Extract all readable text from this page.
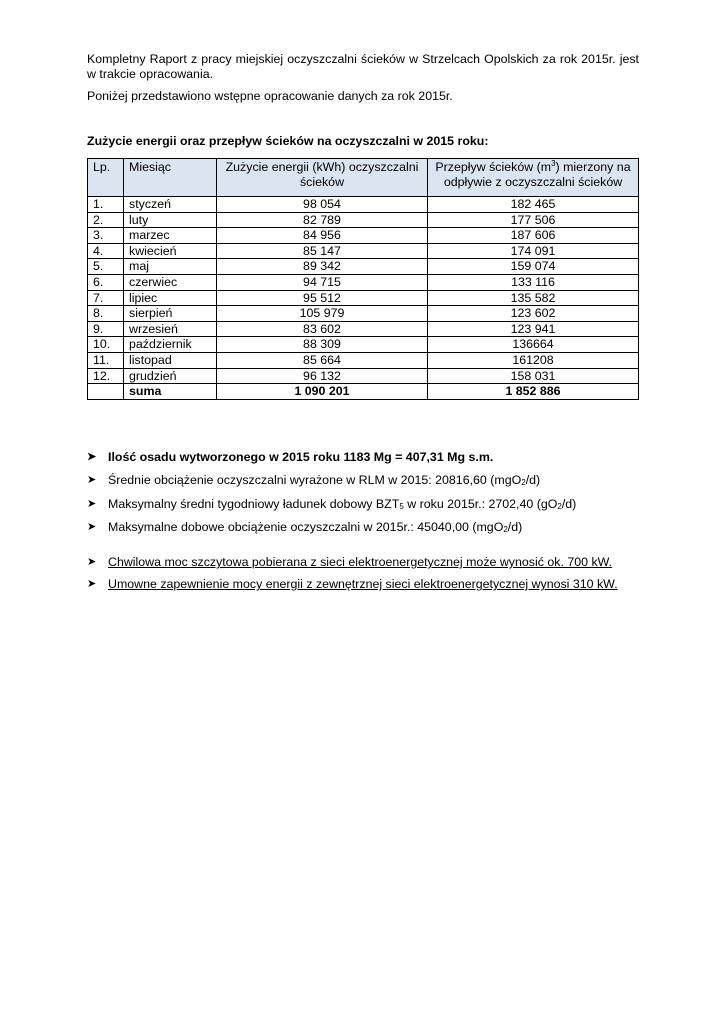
Kompletny Raport z pracy miejskiej oczyszczalni ścieków w Strzelcach Opolskich za rok 2015r. jest w trakcie opracowania.

Poniżej przedstawiono wstępne opracowanie danych za rok 2015r.

Zużycie energii oraz przepływ ścieków na oczyszczalni w 2015 roku:

Lp.	Miesiąc	Zużycie energii (kWh) oczyszczalni ścieków	Przepływ ścieków $(m^3)$ mierzony na odpływie z oczyszczalni ścieków
1.	styczeń	98 054	182 465
2.	luty	82 789	177 506
3.	marzec	84 956	187 606
4.	kwiecień	85 147	174 091
5.	maj	89 342	159 074
6.	czerwiec	94 715	133 116
7.	lipiec	95 512	135 582
8.	sierpień	105 979	123 602
9.	wrzesień	83 602	123 941
10.	październik	88 309	136664
11.	listopad	85 664	161208
12.	grudzień	96 132	158 031
	suma	1 090 201	1 852 886
➤ Ilość osadu wytworzonego w 2015 roku 1183 Mg = 407,31 Mg s.m.
➤ Średnie obciążenie oczyszczalni wyrażone w RLM w 2015: 20816,60 (mgO$_2$/d)
➤ Maksymalny średni tygodniowy ładunek dobowy $BZT_5$ w roku 2015r.: 2702,40 $(gO_2/d)$
➤ Maksymalne dobowe obciążenie oczyszczalni w 2015r.: 45040,00 (mgO$_2$/d)
➤ Chwilowa moc szczytowa pobierana z sieci elektroenergetycznej może wynosić ok. 700 kW.
➤ Umowne zapewnienie mocy energii z zewnętrznej sieci elektroenergetycznej wynosi 310 kW.
